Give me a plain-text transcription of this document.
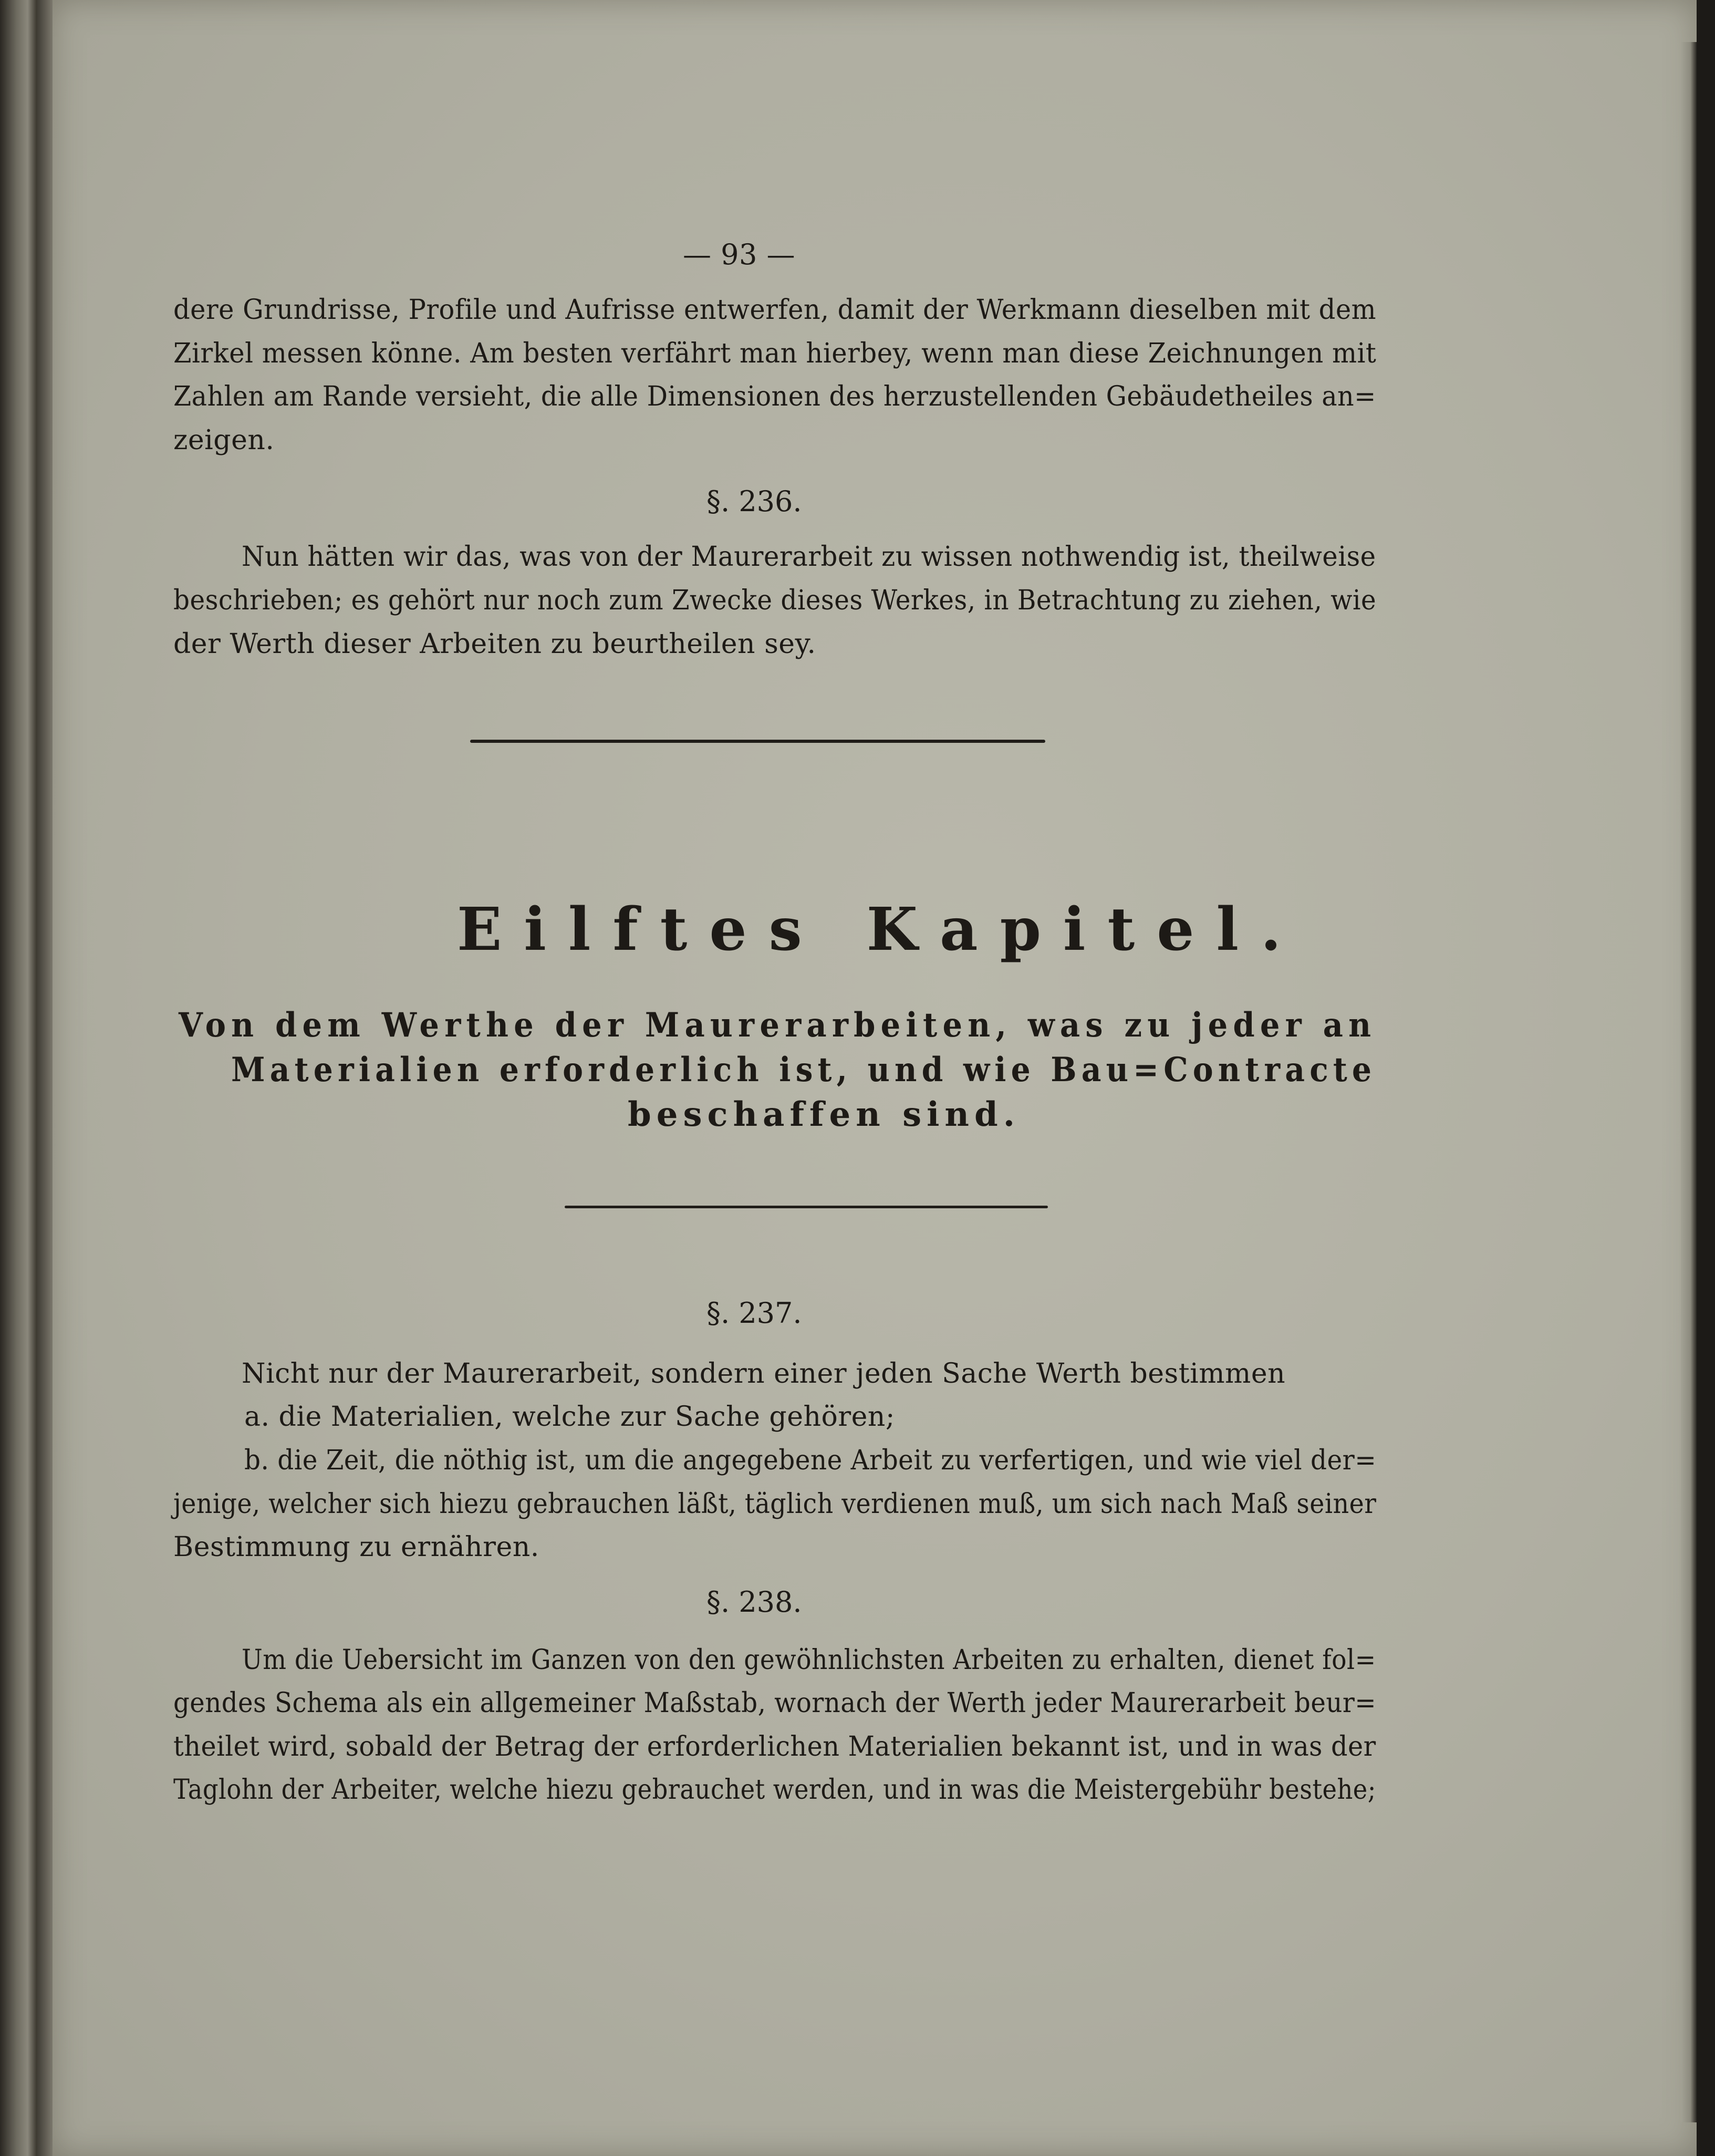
— 93 —
dere Grundrisse, Profile und Aufrisse entwerfen, damit der Werkmann dieselben mit dem
Zirkel messen könne. Am besten verfährt man hierbey, wenn man diese Zeichnungen mit
Zahlen am Rande versieht, die alle Dimensionen des herzustellenden Gebäudetheiles an=
zeigen.
§. 236.
Nun hätten wir das, was von der Maurerarbeit zu wissen nothwendig ist, theilweise
beschrieben; es gehört nur noch zum Zwecke dieses Werkes, in Betrachtung zu ziehen, wie
der Werth dieser Arbeiten zu beurtheilen sey.
Eilftes Kapitel.
Von dem Werthe der Maurerarbeiten, was zu jeder an
Materialien erforderlich ist, und wie Bau=Contracte
beschaffen sind.
§. 237.
Nicht nur der Maurerarbeit, sondern einer jeden Sache Werth bestimmen
a. die Materialien, welche zur Sache gehören;
b. die Zeit, die nöthig ist, um die angegebene Arbeit zu verfertigen, und wie viel der=
jenige, welcher sich hiezu gebrauchen läßt, täglich verdienen muß, um sich nach Maß seiner
Bestimmung zu ernähren.
§. 238.
Um die Uebersicht im Ganzen von den gewöhnlichsten Arbeiten zu erhalten, dienet fol=
gendes Schema als ein allgemeiner Maßstab, wornach der Werth jeder Maurerarbeit beur=
theilet wird, sobald der Betrag der erforderlichen Materialien bekannt ist, und in was der
Taglohn der Arbeiter, welche hiezu gebrauchet werden, und in was die Meistergebühr bestehe;
